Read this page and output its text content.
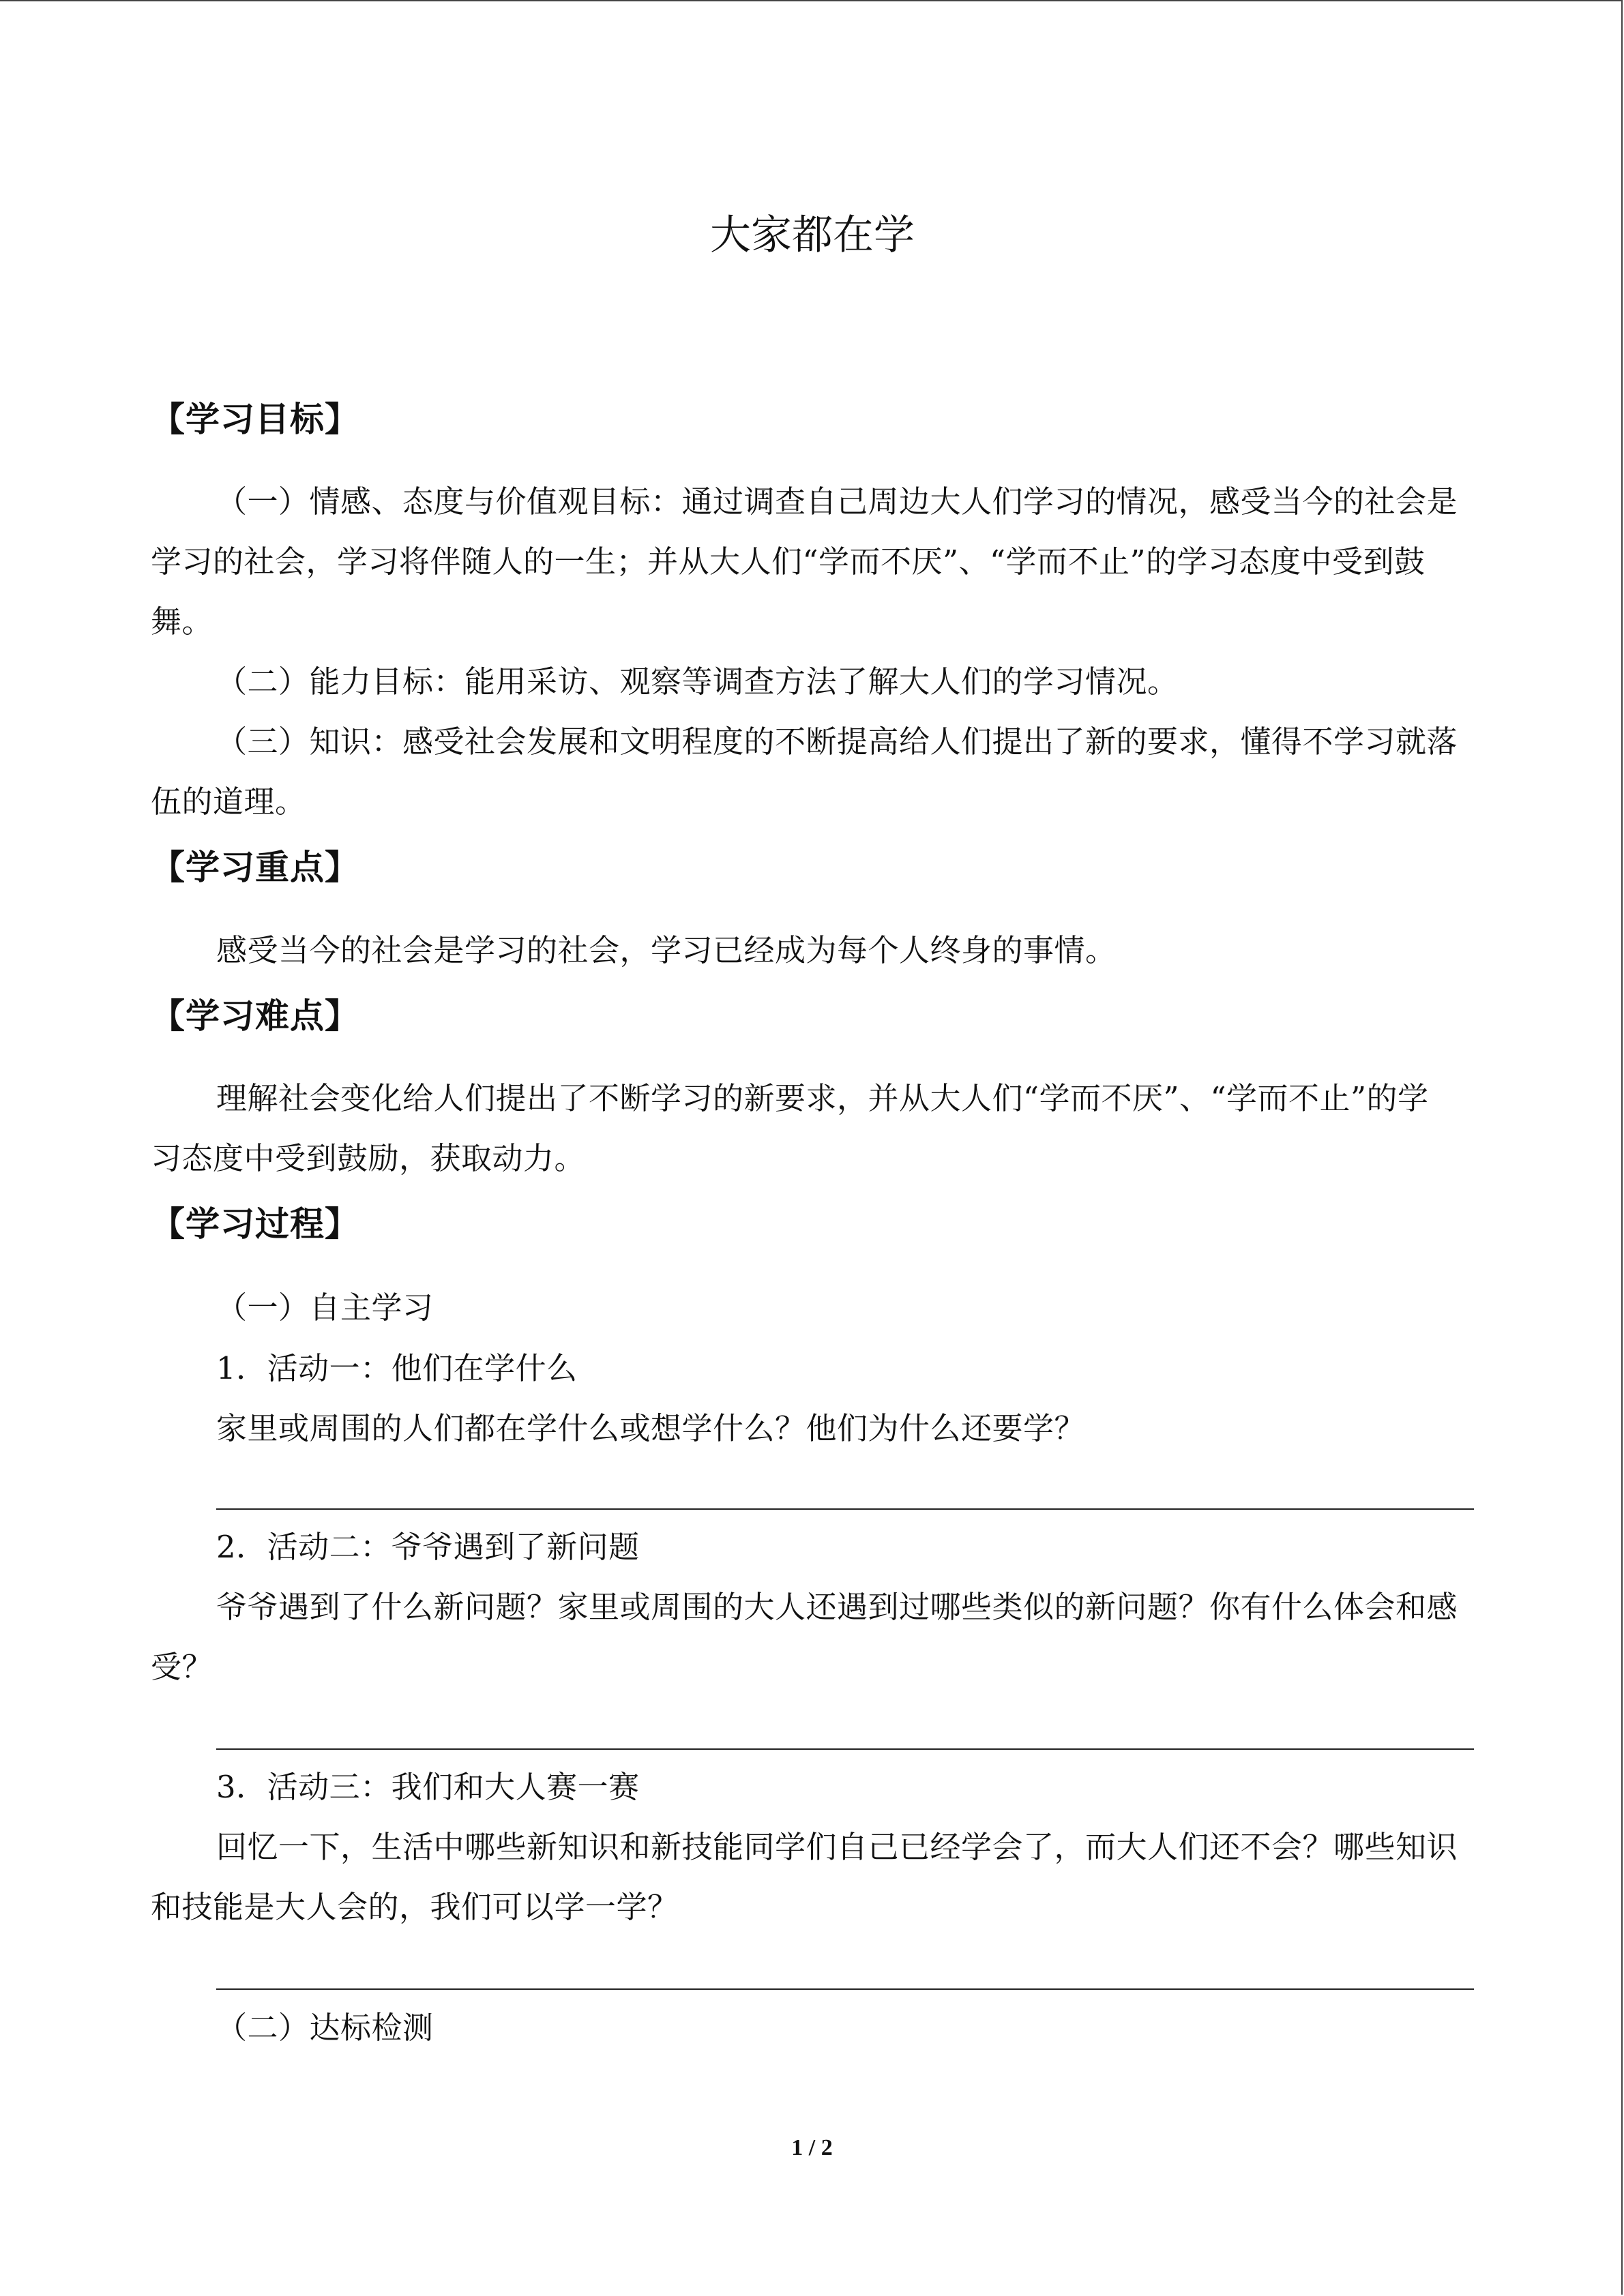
大家都在学
【学习目标】

（一）情感、态度与价值观目标：通过调查自己周边大人们学习的情况，感受当今的社会是学习的社会，学习将伴随人的一生；并从大人们“学而不厌”、“学而不止”的学习态度中受到鼓舞。

（二）能力目标：能用采访、观察等调查方法了解大人们的学习情况。

（三）知识：感受社会发展和文明程度的不断提高给人们提出了新的要求，懂得不学习就落伍的道理。

【学习重点】

感受当今的社会是学习的社会，学习已经成为每个人终身的事情。

【学习难点】

理解社会变化给人们提出了不断学习的新要求，并从大人们“学而不厌”、“学而不止”的学习态度中受到鼓励，获取动力。

【学习过程】

（一）自主学习

1．活动一：他们在学什么

家里或周围的人们都在学什么或想学什么？他们为什么还要学？

2．活动二：爷爷遇到了新问题

爷爷遇到了什么新问题？家里或周围的大人还遇到过哪些类似的新问题？你有什么体会和感受？

3．活动三：我们和大人赛一赛

回忆一下，生活中哪些新知识和新技能同学们自己已经学会了，而大人们还不会？哪些知识和技能是大人会的，我们可以学一学？

（二）达标检测

1 / 2
